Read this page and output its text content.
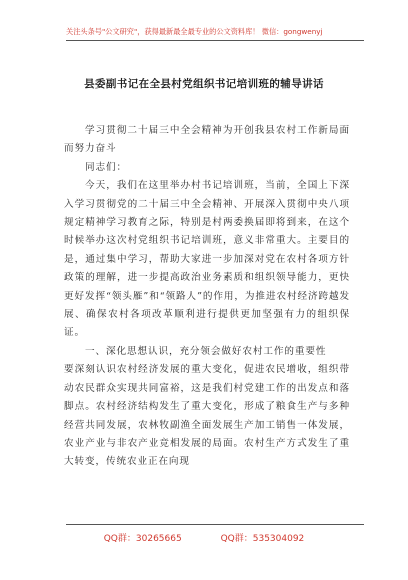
关注头条号"公文研究"，获得最新最全最专业的公文资料库！ 微信：gongwenyj
县委副书记在全县村党组织书记培训班的辅导讲话

学习贯彻二十届三中全会精神为开创我县农村工作新局面而努力奋斗

同志们：

今天，我们在这里举办村书记培训班，当前，全国上下深入学习贯彻党的二十届三中全会精神、开展深入贯彻中央八项规定精神学习教育之际，特别是村两委换届即将到来，在这个时候举办这次村党组织书记培训班，意义非常重大。主要目的是，通过集中学习，帮助大家进一步加深对党在农村各项方针政策的理解，进一步提高政治业务素质和组织领导能力，更快更好发挥“领头雁”和“领路人”的作用，为推进农村经济跨越发展、确保农村各项改革顺利进行提供更加坚强有力的组织保证。

一、深化思想认识，充分领会做好农村工作的重要性

要深刻认识农村经济发展的重大变化，促进农民增收，组织带动农民群众实现共同富裕，这是我们村党建工作的出发点和落脚点。农村经济结构发生了重大变化，形成了粮食生产与多种经营共同发展，农林牧副渔全面发展生产加工销售一体发展，农业产业与非农产业竞相发展的局面。农村生产方式发生了重大转变，传统农业正在向现

QQ群：30265665	QQ群：535304092
